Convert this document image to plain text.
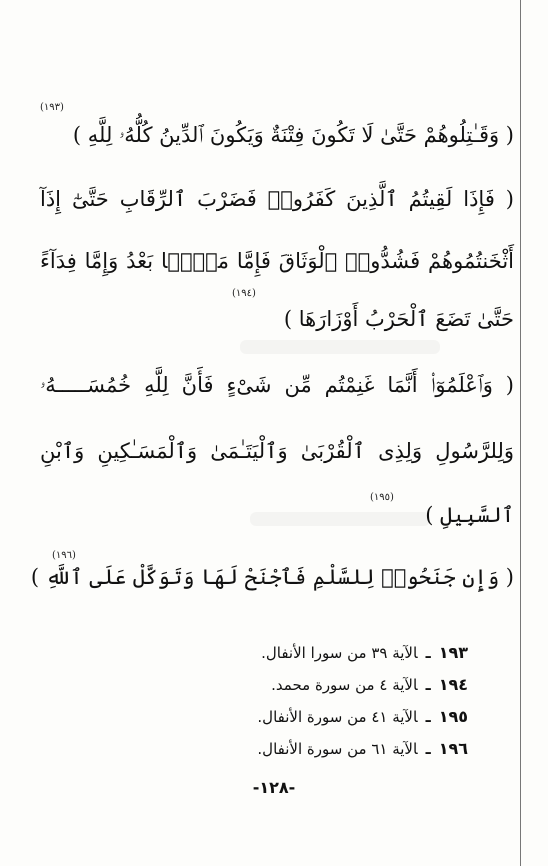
( وَقَـٰتِلُوهُمْ حَتَّىٰ لَا تَكُونَ فِتْنَةٌ وَيَكُونَ ٱلدِّينُ كُلُّهُۥ لِلَّهِ )
(١٩٣)
( فَإِذَا لَقِيتُمُ ٱلَّذِينَ كَفَرُوا۟ فَضَرْبَ ٱلرِّقَابِ حَتَّىٰٓ إِذَآ
أَثْخَنتُمُوهُمْ فَشُدُّوا۟ ٱلْوَثَاقَ فَإِمَّا مَنًّۢا بَعْدُ وَإِمَّا فِدَآءً
حَتَّىٰ تَضَعَ ٱلْحَرْبُ أَوْزَارَهَا )
(١٩٤)
( وَٱعْلَمُوٓا۟ أَنَّمَا غَنِمْتُم مِّن شَىْءٍ فَأَنَّ لِلَّهِ خُمُسَـــــهُۥ
وَلِلرَّسُولِ وَلِذِى ٱلْقُرْبَىٰ وَٱلْيَتَـٰمَىٰ وَٱلْمَسَـٰكِينِ وَٱبْنِ
ٱلسَّبِيلِ )
(١٩٥)
( وَإِن جَنَحُوا۟ لِلسَّلْمِ فَٱجْنَحْ لَهَا وَتَوَكَّلْ عَلَى ٱللَّهِ )
(١٩٦)
١٩٣ـالآية ٣٩ من سورا الأنفال.
١٩٤ـالآية ٤ من سورة محمد.
١٩٥ـالآية ٤١ من سورة الأنفال.
١٩٦ـالآية ٦١ من سورة الأنفال.
-١٢٨-
